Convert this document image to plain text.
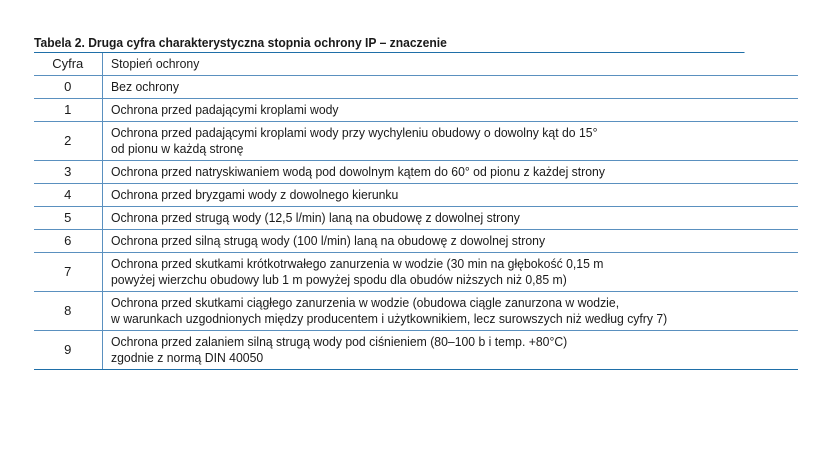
Tabela 2. Druga cyfra charakterystyczna stopnia ochrony IP – znaczenie
Cyfra	Stopień ochrony

0	Bez ochrony

1	Ochrona przed padającymi kroplami wody

2	Ochrona przed padającymi kroplami wody przy wychyleniu obudowy o dowolny kąt do 15°
od pionu w każdą stronę

3	Ochrona przed natryskiwaniem wodą pod dowolnym kątem do 60° od pionu z każdej strony

4	Ochrona przed bryzgami wody z dowolnego kierunku

5	Ochrona przed strugą wody (12,5 l/min) laną na obudowę z dowolnej strony

6	Ochrona przed silną strugą wody (100 l/min) laną na obudowę z dowolnej strony

7	Ochrona przed skutkami krótkotrwałego zanurzenia w wodzie (30 min na głębokość 0,15 m
powyżej wierzchu obudowy lub 1 m powyżej spodu dla obudów niższych niż 0,85 m)

8	Ochrona przed skutkami ciągłego zanurzenia w wodzie (obudowa ciągle zanurzona w wodzie,
w warunkach uzgodnionych między producentem i użytkownikiem, lecz surowszych niż według cyfry 7)

9	Ochrona przed zalaniem silną strugą wody pod ciśnieniem (80–100 b i temp. +80°C)
zgodnie z normą DIN 40050
